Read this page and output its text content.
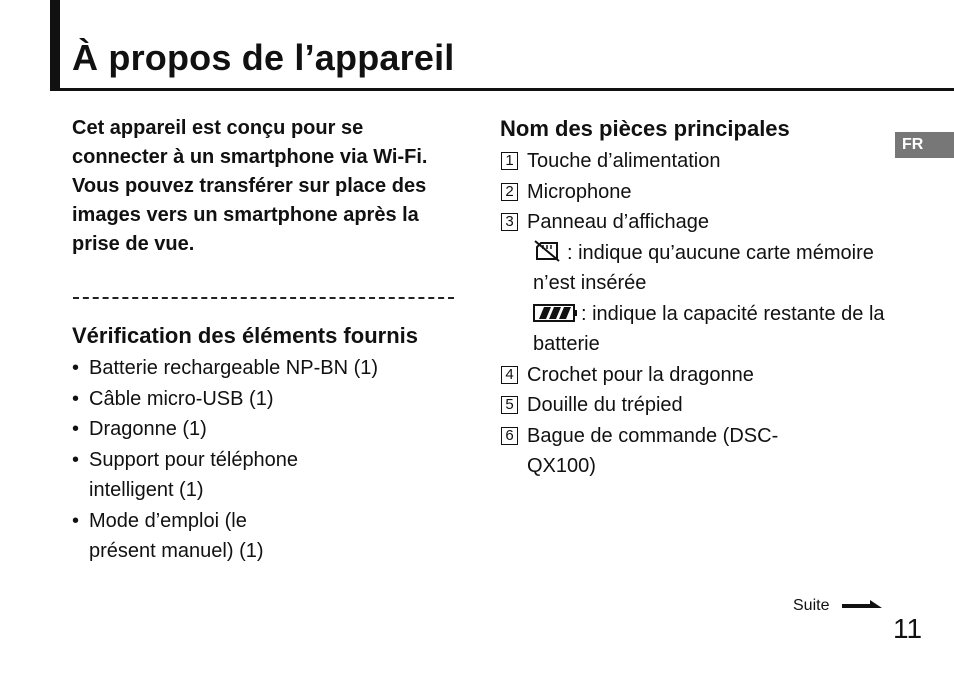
À propos de l’appareil
FR

Cet appareil est conçu pour se connecter à un smartphone via Wi-Fi. Vous pouvez transférer sur place des images vers un smartphone après la prise de vue.

Vérification des éléments fournis
• Batterie rechargeable NP-BN (1)
• Câble micro-USB (1)
• Dragonne (1)
• Support pour téléphone intelligent (1)
• Mode d’emploi (le présent manuel) (1)
Nom des pièces principales
1 Touche d’alimentation
2 Microphone
3 Panneau d’affichage
: indique qu’aucune carte mémoire n’est insérée
: indique la capacité restante de la batterie
4 Crochet pour la dragonne
5 Douille du trépied
6 Bague de commande (DSC-QX100)
Suite
11
